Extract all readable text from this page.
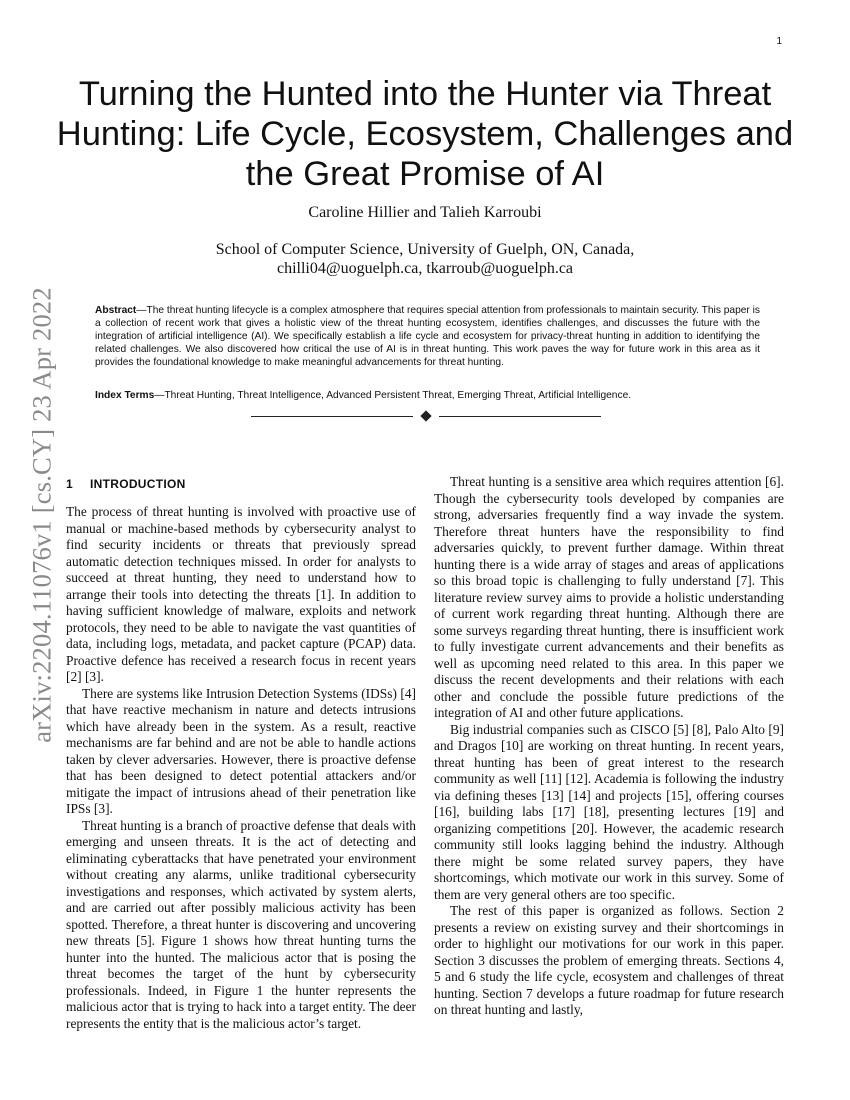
1
arXiv:2204.11076v1 [cs.CY] 23 Apr 2022
Turning the Hunted into the Hunter via Threat Hunting: Life Cycle, Ecosystem, Challenges and the Great Promise of AI
Caroline Hillier and Talieh Karroubi
School of Computer Science, University of Guelph, ON, Canada,
chilli04@uoguelph.ca, tkarroub@uoguelph.ca
Abstract—The threat hunting lifecycle is a complex atmosphere that requires special attention from professionals to maintain security. This paper is a collection of recent work that gives a holistic view of the threat hunting ecosystem, identifies challenges, and discusses the future with the integration of artificial intelligence (AI). We specifically establish a life cycle and ecosystem for privacy-threat hunting in addition to identifying the related challenges. We also discovered how critical the use of AI is in threat hunting. This work paves the way for future work in this area as it provides the foundational knowledge to make meaningful advancements for threat hunting.
Index Terms—Threat Hunting, Threat Intelligence, Advanced Persistent Threat, Emerging Threat, Artificial Intelligence.
1 INTRODUCTION

The process of threat hunting is involved with proactive use of manual or machine-based methods by cybersecurity analyst to find security incidents or threats that previously spread automatic detection techniques missed. In order for analysts to succeed at threat hunting, they need to understand how to arrange their tools into detecting the threats [1]. In addition to having sufficient knowledge of malware, exploits and network protocols, they need to be able to navigate the vast quantities of data, including logs, metadata, and packet capture (PCAP) data. Proactive defence has received a research focus in recent years [2] [3].

There are systems like Intrusion Detection Systems (IDSs) [4] that have reactive mechanism in nature and detects intrusions which have already been in the system. As a result, reactive mechanisms are far behind and are not be able to handle actions taken by clever adversaries. However, there is proactive defense that has been designed to detect potential attackers and/or mitigate the impact of intrusions ahead of their penetration like IPSs [3].

Threat hunting is a branch of proactive defense that deals with emerging and unseen threats. It is the act of detecting and eliminating cyberattacks that have penetrated your environment without creating any alarms, unlike traditional cybersecurity investigations and responses, which activated by system alerts, and are carried out after possibly malicious activity has been spotted. Therefore, a threat hunter is discovering and uncovering new threats [5]. Figure 1 shows how threat hunting turns the hunter into the hunted. The malicious actor that is posing the threat becomes the target of the hunt by cybersecurity professionals. Indeed, in Figure 1 the hunter represents the malicious actor that is trying to hack into a target entity. The deer represents the entity that is the malicious actor’s target.

Threat hunting is a sensitive area which requires attention [6]. Though the cybersecurity tools developed by companies are strong, adversaries frequently find a way invade the system. Therefore threat hunters have the responsibility to find adversaries quickly, to prevent further damage. Within threat hunting there is a wide array of stages and areas of applications so this broad topic is challenging to fully understand [7]. This literature review survey aims to provide a holistic understanding of current work regarding threat hunting. Although there are some surveys regarding threat hunting, there is insufficient work to fully investigate current advancements and their benefits as well as upcoming need related to this area. In this paper we discuss the recent developments and their relations with each other and conclude the possible future predictions of the integration of AI and other future applications.

Big industrial companies such as CISCO [5] [8], Palo Alto [9] and Dragos [10] are working on threat hunting. In recent years, threat hunting has been of great interest to the research community as well [11] [12]. Academia is following the industry via defining theses [13] [14] and projects [15], offering courses [16], building labs [17] [18], presenting lectures [19] and organizing competitions [20]. However, the academic research community still looks lagging behind the industry. Although there might be some related survey papers, they have shortcomings, which motivate our work in this survey. Some of them are very general others are too specific.

The rest of this paper is organized as follows. Section 2 presents a review on existing survey and their shortcomings in order to highlight our motivations for our work in this paper. Section 3 discusses the problem of emerging threats. Sections 4, 5 and 6 study the life cycle, ecosystem and challenges of threat hunting. Section 7 develops a future roadmap for future research on threat hunting and lastly,
